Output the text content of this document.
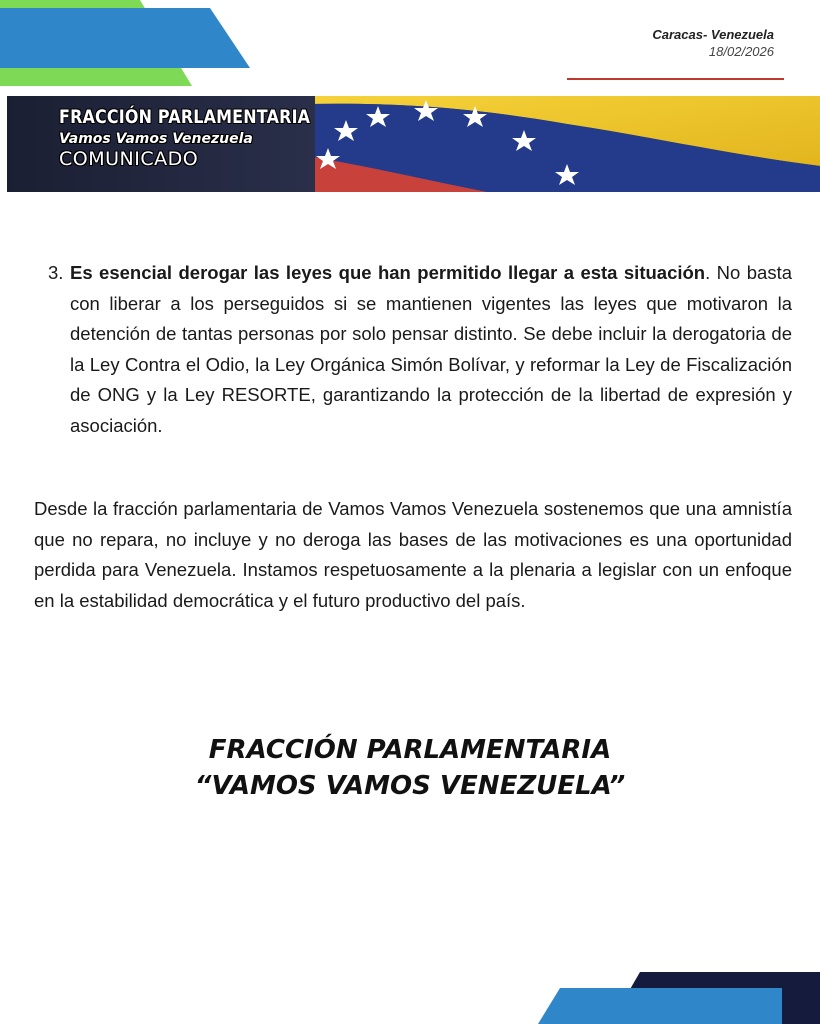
Caracas- Venezuela
18/02/2026
FRACCIÓN PARLAMENTARIA
Vamos Vamos Venezuela
COMUNICADO
3. Es esencial derogar las leyes que han permitido llegar a esta situación. No basta con liberar a los perseguidos si se mantienen vigentes las leyes que motivaron la detención de tantas personas por solo pensar distinto. Se debe incluir la derogatoria de la Ley Contra el Odio, la Ley Orgánica Simón Bolívar, y reformar la Ley de Fiscalización de ONG y la Ley RESORTE, garantizando la protección de la libertad de expresión y asociación.
Desde la fracción parlamentaria de Vamos Vamos Venezuela sostenemos que una amnistía que no repara, no incluye y no deroga las bases de las motivaciones es una oportunidad perdida para Venezuela. Instamos respetuosamente a la plenaria a legislar con un enfoque en la estabilidad democrática y el futuro productivo del país.
FRACCIÓN PARLAMENTARIA
“VAMOS VAMOS VENEZUELA”
